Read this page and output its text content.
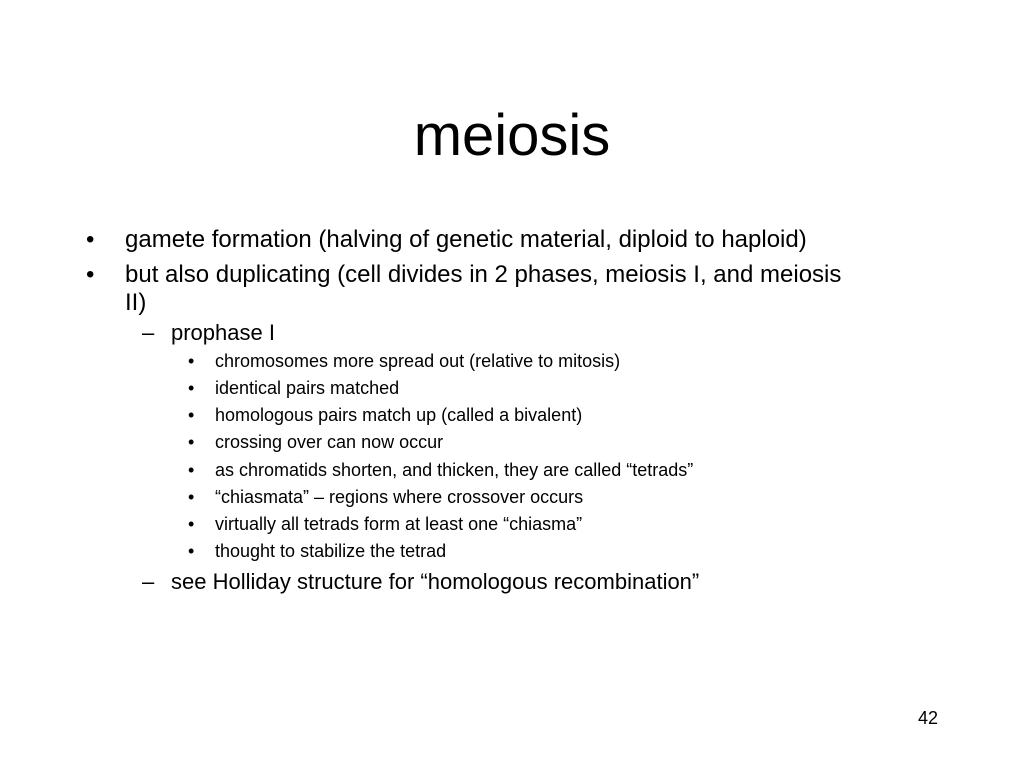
meiosis
• gamete formation (halving of genetic material, diploid to haploid)
• but also duplicating (cell divides in 2 phases, meiosis I, and meiosis II)
– prophase I
• chromosomes more spread out (relative to mitosis)
• identical pairs matched
• homologous pairs match up (called a bivalent)
• crossing over can now occur
• as chromatids shorten, and thicken, they are called “tetrads”
• “chiasmata” – regions where crossover occurs
• virtually all tetrads form at least one “chiasma”
• thought to stabilize the tetrad
– see Holliday structure for “homologous recombination”
42
